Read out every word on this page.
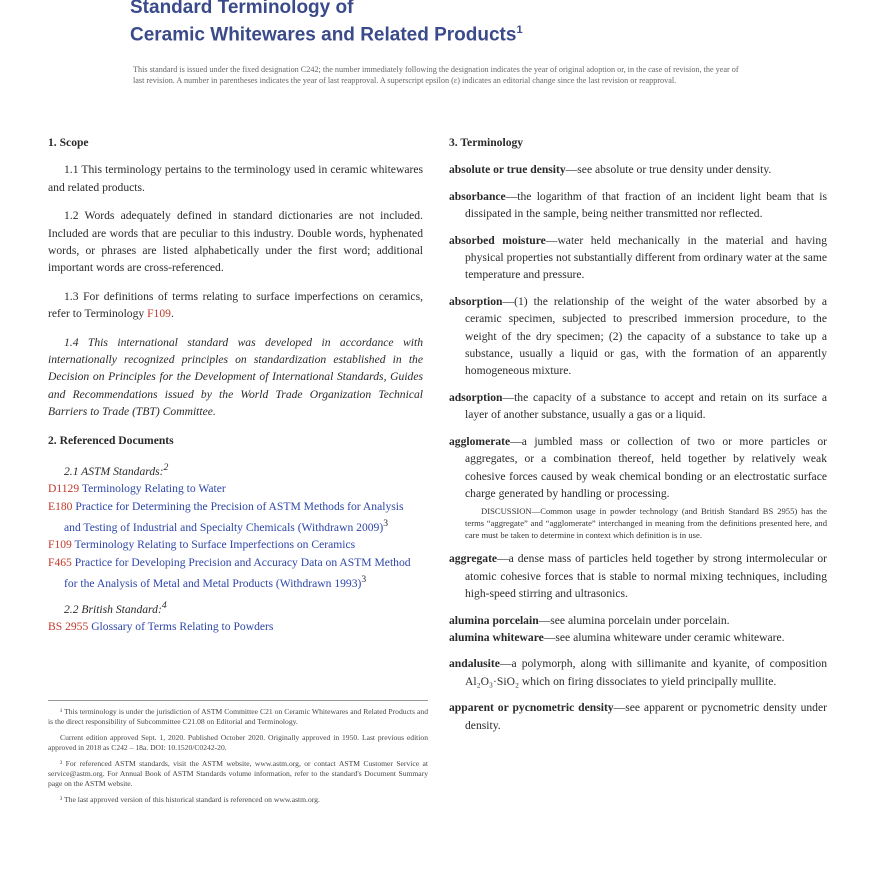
Standard Terminology of
Ceramic Whitewares and Related Products$^1$
This standard is issued under the fixed designation C242; the number immediately following the designation indicates the year of original adoption or, in the case of revision, the year of last revision. A number in parentheses indicates the year of last reapproval. A superscript epsilon (ε) indicates an editorial change since the last revision or reapproval.
1. Scope

1.1 This terminology pertains to the terminology used in ceramic whitewares and related products.

1.2 Words adequately defined in standard dictionaries are not included. Included are words that are peculiar to this industry. Double words, hyphenated words, or phrases are listed alphabetically under the first word; additional important words are cross-referenced.

1.3 For definitions of terms relating to surface imperfections on ceramics, refer to Terminology F109.

1.4 This international standard was developed in accordance with internationally recognized principles on standardization established in the Decision on Principles for the Development of International Standards, Guides and Recommendations issued by the World Trade Organization Technical Barriers to Trade (TBT) Committee.

2. Referenced Documents

2.1 ASTM Standards:$^2$

D1129 Terminology Relating to Water

E180 Practice for Determining the Precision of ASTM Methods for Analysis and Testing of Industrial and Specialty Chemicals (Withdrawn 2009)$^3$

F109 Terminology Relating to Surface Imperfections on Ceramics

F465 Practice for Developing Precision and Accuracy Data on ASTM Method for the Analysis of Metal and Metal Products (Withdrawn 1993)$^3$

2.2 British Standard:$^4$

BS 2955 Glossary of Terms Relating to Powders

¹ This terminology is under the jurisdiction of ASTM Committee C21 on Ceramic Whitewares and Related Products and is the direct responsibility of Subcommittee C21.08 on Editorial and Terminology.

Current edition approved Sept. 1, 2020. Published October 2020. Originally approved in 1950. Last previous edition approved in 2018 as C242 – 18a. DOI: 10.1520/C0242-20.

² For referenced ASTM standards, visit the ASTM website, www.astm.org, or contact ASTM Customer Service at service@astm.org. For Annual Book of ASTM Standards volume information, refer to the standard's Document Summary page on the ASTM website.

³ The last approved version of this historical standard is referenced on www.astm.org.

3. Terminology

absolute or true density—see absolute or true density under density.

absorbance—the logarithm of that fraction of an incident light beam that is dissipated in the sample, being neither transmitted nor reflected.

absorbed moisture—water held mechanically in the material and having physical properties not substantially different from ordinary water at the same temperature and pressure.

absorption—(1) the relationship of the weight of the water absorbed by a ceramic specimen, subjected to prescribed immersion procedure, to the weight of the dry specimen; (2) the capacity of a substance to take up a substance, usually a liquid or gas, with the formation of an apparently homogeneous mixture.

adsorption—the capacity of a substance to accept and retain on its surface a layer of another substance, usually a gas or a liquid.

agglomerate—a jumbled mass or collection of two or more particles or aggregates, or a combination thereof, held together by relatively weak cohesive forces caused by weak chemical bonding or an electrostatic surface charge generated by handling or processing.

DISCUSSION—Common usage in powder technology (and British Standard BS 2955) has the terms “aggregate” and “agglomerate” interchanged in meaning from the definitions presented here, and care must be taken to determine in context which definition is in use.

aggregate—a dense mass of particles held together by strong intermolecular or atomic cohesive forces that is stable to normal mixing techniques, including high-speed stirring and ultrasonics.

alumina porcelain—see alumina porcelain under porcelain.

alumina whiteware—see alumina whiteware under ceramic whiteware.

andalusite—a polymorph, along with sillimanite and kyanite, of composition Al₂O₃·SiO₂ which on firing dissociates to yield principally mullite.

apparent or pycnometric density—see apparent or pycnometric density under density.
